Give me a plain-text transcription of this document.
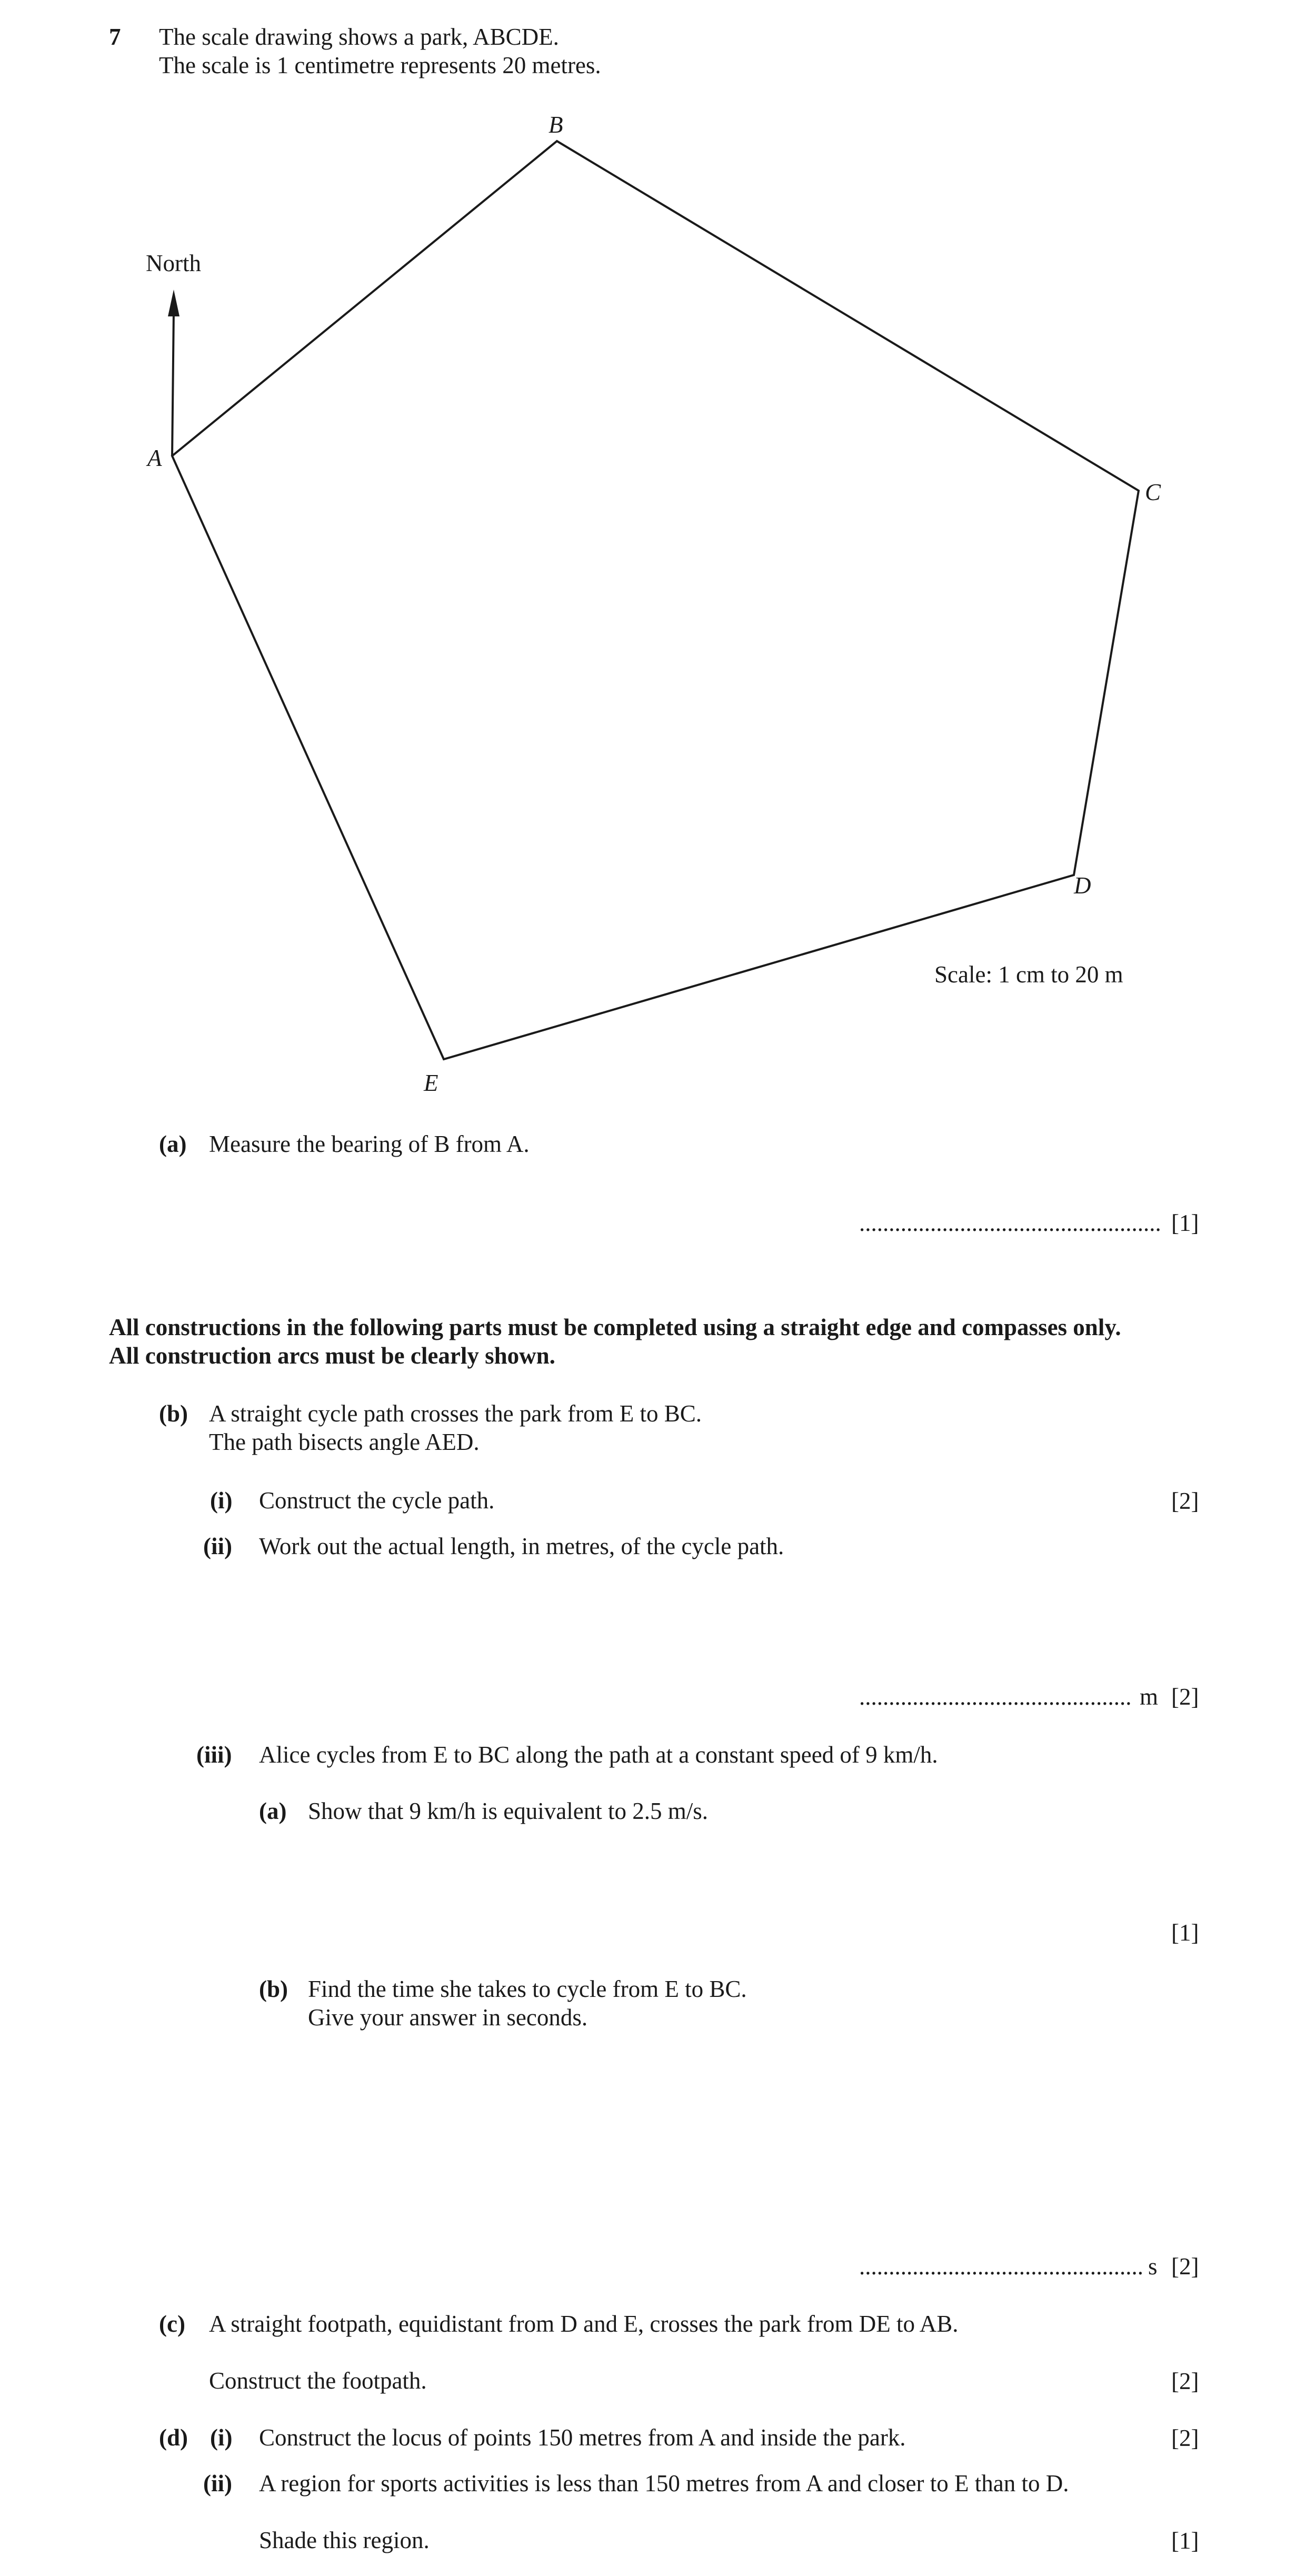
7 The scale drawing shows a park, ABCDE.
The scale is 1 centimetre represents 20 metres.
North
A
B
C
D
E
Scale: 1 cm to 20 m
(a) Measure the bearing of B from A.
................................................... [1]
All constructions in the following parts must be completed using a straight edge and compasses only.
All construction arcs must be clearly shown.
(b) A straight cycle path crosses the park from E to BC.
The path bisects angle AED.
(i) Construct the cycle path.	[2]
(ii) Work out the actual length, in metres, of the cycle path.
.............................................. m [2]
(iii) Alice cycles from E to BC along the path at a constant speed of 9 km/h.
(a) Show that 9 km/h is equivalent to 2.5 m/s.
[1]
(b) Find the time she takes to cycle from E to BC.
Give your answer in seconds.
................................................ s [2]
(c) A straight footpath, equidistant from D and E, crosses the park from DE to AB.
Construct the footpath.	[2]
(d) (i) Construct the locus of points 150 metres from A and inside the park.	[2]
(ii) A region for sports activities is less than 150 metres from A and closer to E than to D.
Shade this region.	[1]
